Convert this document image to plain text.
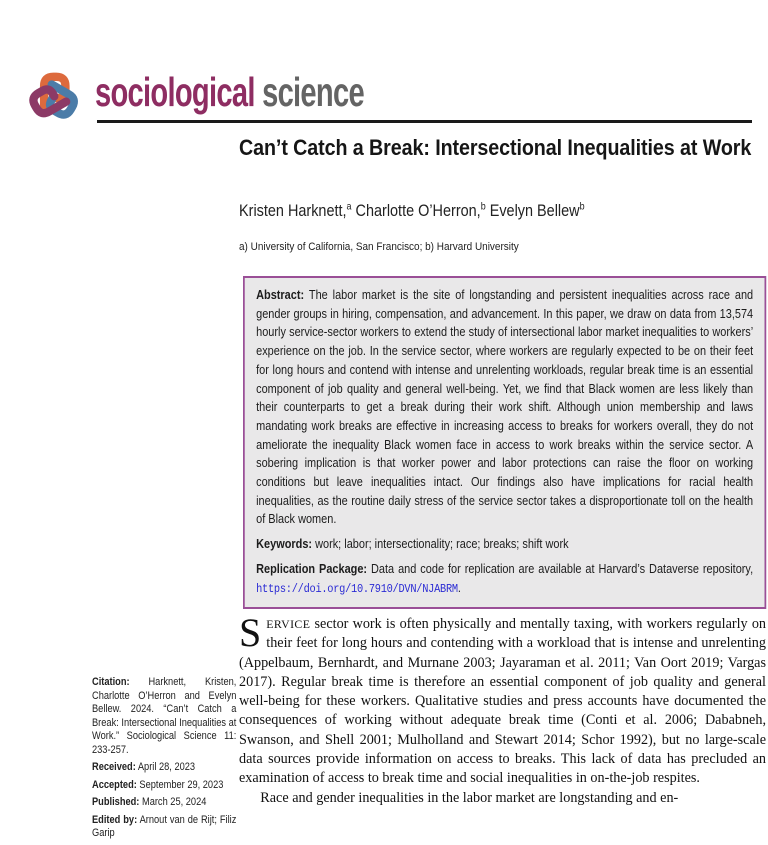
sociological science
Can’t Catch a Break: Intersectional Inequalities at Work
Kristen Harknett,$^a$ Charlotte O’Herron,$^b$ Evelyn Bellew$^b$
a) University of California, San Francisco; b) Harvard University

Abstract: The labor market is the site of longstanding and persistent inequalities across race and gender groups in hiring, compensation, and advancement. In this paper, we draw on data from 13,574 hourly service-sector workers to extend the study of intersectional labor market inequalities to workers’ experience on the job. In the service sector, where workers are regularly expected to be on their feet for long hours and contend with intense and unrelenting workloads, regular break time is an essential component of job quality and general well-being. Yet, we find that Black women are less likely than their counterparts to get a break during their work shift. Although union membership and laws mandating work breaks are effective in increasing access to breaks for workers overall, they do not ameliorate the inequality Black women face in access to work breaks within the service sector. A sobering implication is that worker power and labor protections can raise the floor on working conditions but leave inequalities intact. Our findings also have implications for racial health inequalities, as the routine daily stress of the service sector takes a disproportionate toll on the health of Black women.

Keywords: work; labor; intersectionality; race; breaks; shift work

Replication Package: Data and code for replication are available at Harvard’s Dataverse repository, https://doi.org/10.7910/DVN/NJABRM.

Citation: Harknett, Kristen, Charlotte O’Herron and Evelyn Bellew. 2024. “Can’t Catch a Break: Intersectional Inequalities at Work.” Sociological Science 11: 233-257.

Received: April 28, 2023

Accepted: September 29, 2023

Published: March 25, 2024

Edited by: Arnout van de Rijt; Filiz Garip

SERVICE sector work is often physically and mentally taxing, with workers regularly on their feet for long hours and contending with a workload that is intense and unrelenting (Appelbaum, Bernhardt, and Murnane 2003; Jayaraman et al. 2011; Van Oort 2019; Vargas 2017). Regular break time is therefore an essential component of job quality and general well-being for these workers. Qualitative studies and press accounts have documented the consequences of working without adequate break time (Conti et al. 2006; Dababneh, Swanson, and Shell 2001; Mulholland and Stewart 2014; Schor 1992), but no large-scale data sources provide information on access to breaks. This lack of data has precluded an examination of access to break time and social inequalities in on-the-job respites.

Race and gender inequalities in the labor market are longstanding and en-
